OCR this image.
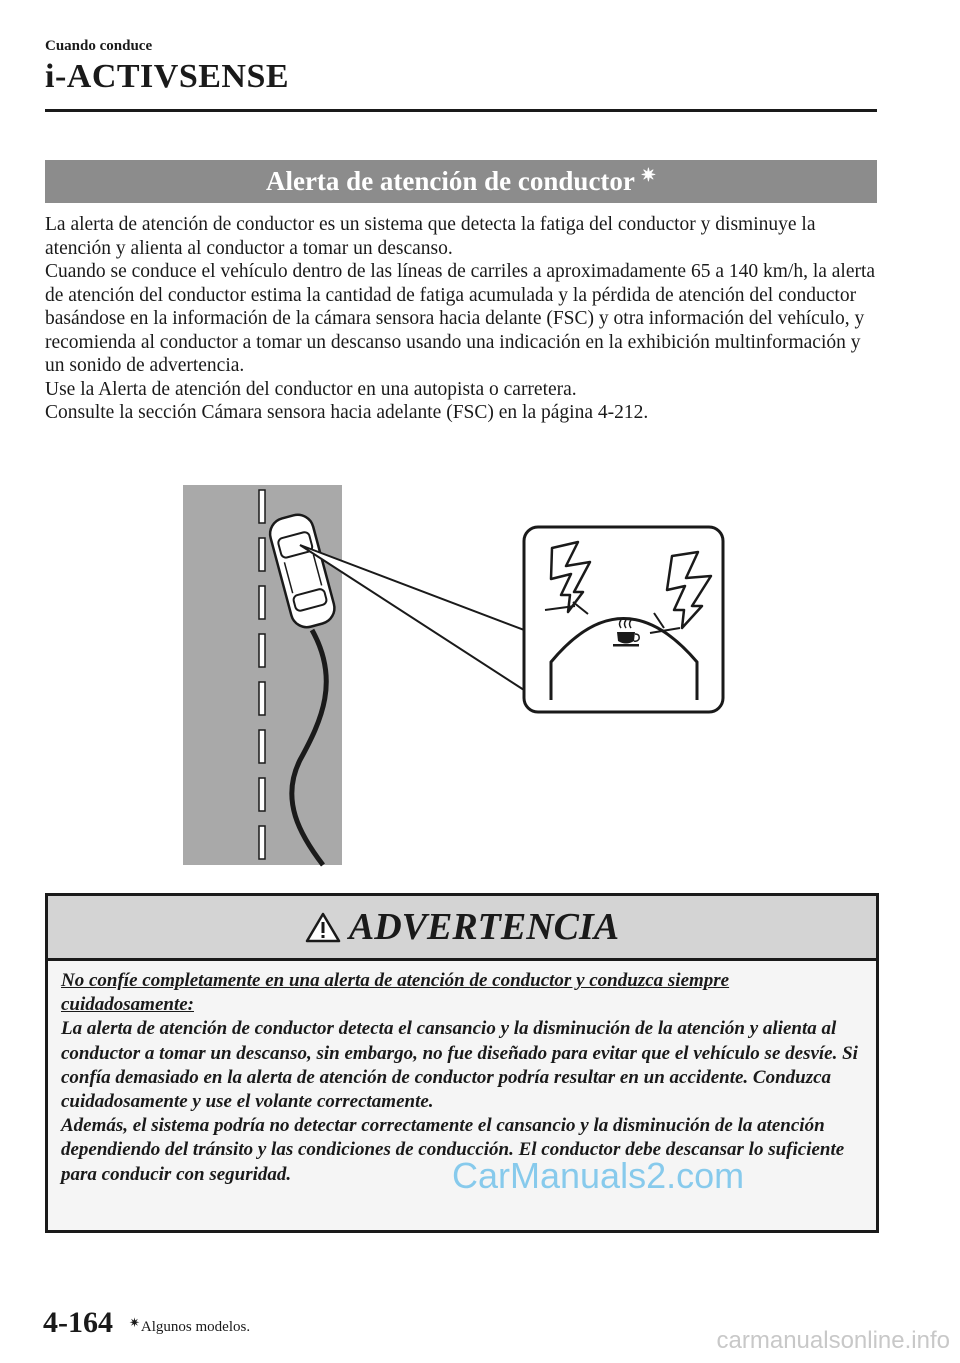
Cuando conduce
i-ACTIVSENSE
Alerta de atención de conductor ✷

La alerta de atención de conductor es un sistema que detecta la fatiga del conductor y disminuye la atención y alienta al conductor a tomar un descanso.

Cuando se conduce el vehículo dentro de las líneas de carriles a aproximadamente 65 a 140 km/h, la alerta de atención del conductor estima la cantidad de fatiga acumulada y la pérdida de atención del conductor basándose en la información de la cámara sensora hacia delante (FSC) y otra información del vehículo, y recomienda al conductor a tomar un descanso usando una indicación en la exhibición multinformación y un sonido de advertencia.

Use la Alerta de atención del conductor en una autopista o carretera.

Consulte la sección Cámara sensora hacia adelante (FSC) en la página 4-212.

ADVERTENCIA

No confíe completamente en una alerta de atención de conductor y conduzca siempre cuidadosamente:

La alerta de atención de conductor detecta el cansancio y la disminución de la atención y alienta al conductor a tomar un descanso, sin embargo, no fue diseñado para evitar que el vehículo se desvíe. Si confía demasiado en la alerta de atención de conductor podría resultar en un accidente. Conduzca cuidadosamente y use el volante correctamente.

Además, el sistema podría no detectar correctamente el cansancio y la disminución de la atención dependiendo del tránsito y las condiciones de conducción. El conductor debe descansar lo suficiente para conducir con seguridad.	CarManuals2.com
4-164 ✷Algunos modelos.	carmanualsonline.info
